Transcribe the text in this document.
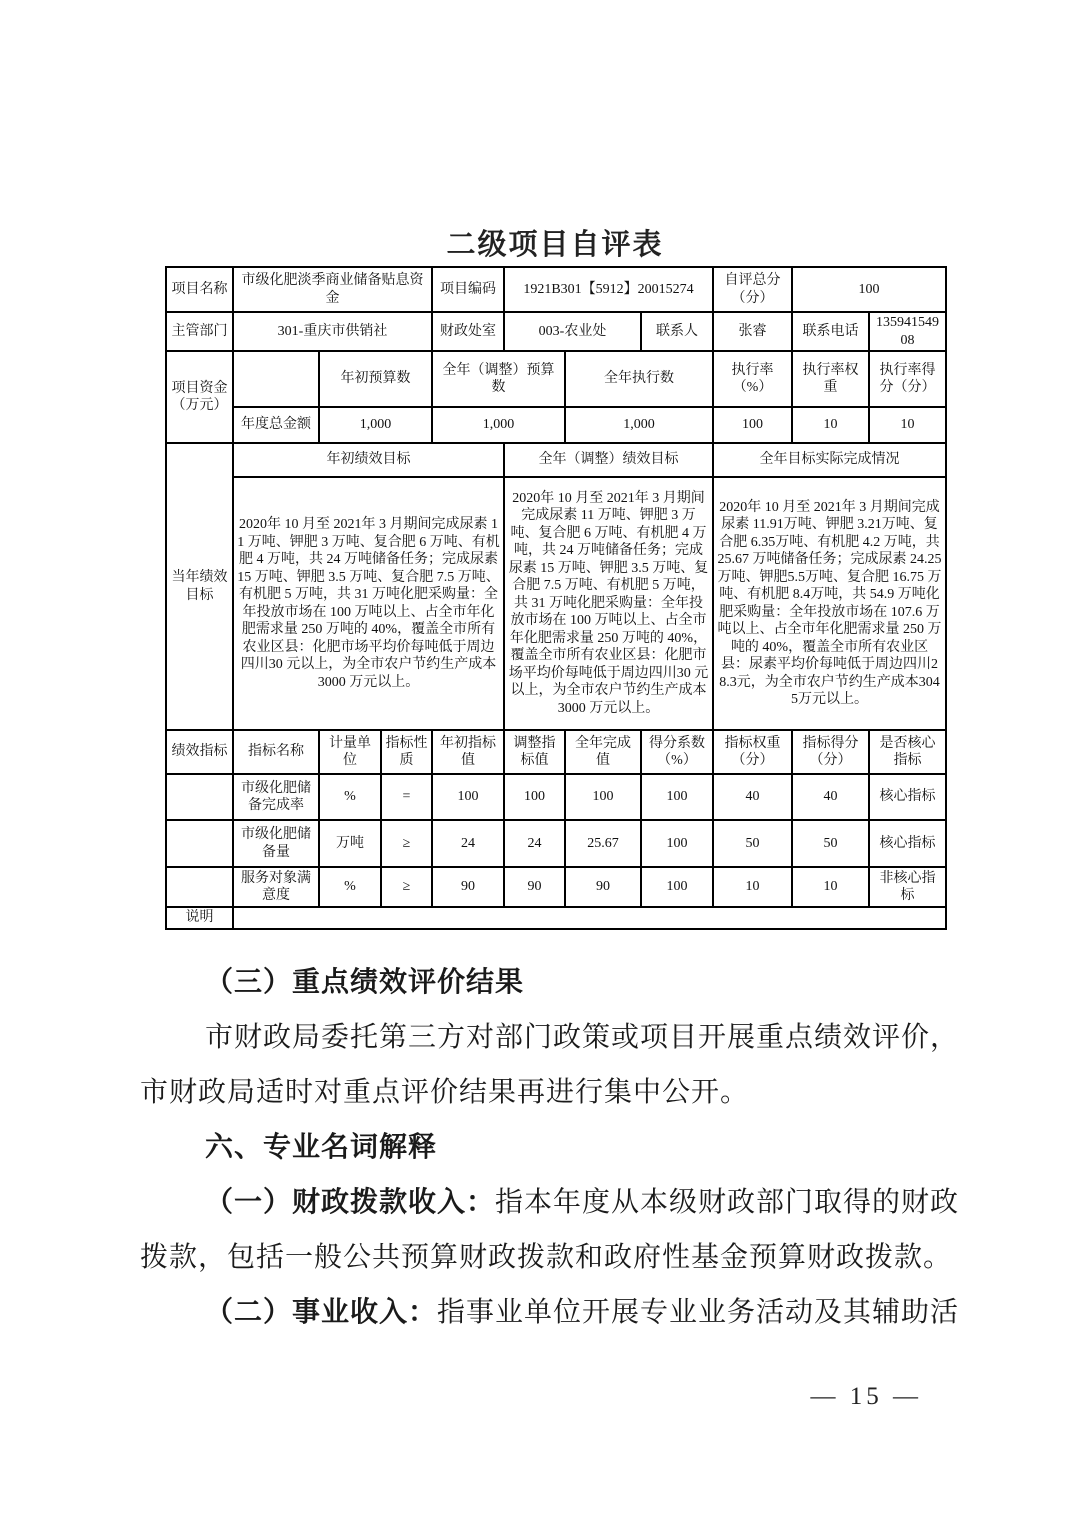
二级项目自评表
项目名称	市级化肥淡季商业储备贴息资金			项目编码	1921B301【5912】20015274			自评总分（分）	100	
主管部门	301-重庆市供销社			财政处室	003-农业处		联系人	张睿	联系电话	13594154908
项目资金（万元）		年初预算数		全年（调整）预算数		全年执行数		执行率（%）	执行率权重	执行率得分（分）
	年度总金额	1,000		1,000		1,000		100	10	10
当年绩效目标	年初绩效目标				全年（调整）绩效目标			全年目标实际完成情况		
2020年 10 月至 2021年 3 月期间完成尿素 11 万吨、钾肥 3 万吨、复合肥 6 万吨、有机肥 4 万吨，共 24 万吨储备任务；完成尿素 15 万吨、钾肥 3.5 万吨、复合肥 7.5 万吨、有机肥 5 万吨，共 31 万吨化肥采购量：全年投放市场在 100 万吨以上、占全市年化肥需求量 250 万吨的 40%，覆盖全市所有农业区县：化肥市场平均价每吨低于周边四川30 元以上，为全市农户节约生产成本 3000 万元以上。	2020年 10 月至 2021年 3 月期间完成尿素 11 万吨、钾肥 3 万吨、复合肥 6 万吨、有机肥 4 万吨，共 24 万吨储备任务；完成尿素 15 万吨、钾肥 3.5 万吨、复合肥 7.5 万吨、有机肥 5 万吨，共 31 万吨化肥采购量：全年投放市场在 100 万吨以上、占全市年化肥需求量 250 万吨的 40%，覆盖全市所有农业区县：化肥市场平均价每吨低于周边四川30 元以上，为全市农户节约生产成本 3000 万元以上。	2020年 10 月至 2021年 3 月期间完成尿素 11.91万吨、钾肥 3.21万吨、复合肥 6.35万吨、有机肥 4.2 万吨，共 25.67 万吨储备任务；完成尿素 24.25万吨、钾肥5.5万吨、复合肥 16.75 万吨、有机肥 8.4万吨，共 54.9 万吨化肥采购量：全年投放市场在 107.6 万吨以上、占全市年化肥需求量 250 万吨的 40%，覆盖全市所有农业区县：尿素平均价每吨低于周边四川28.3元，为全市农户节约生产成本3045万元以上。
绩效指标	指标名称	计量单位	指标性质	年初指标值	调整指标值	全年完成值	得分系数（%）	指标权重（分）	指标得分（分）	是否核心指标
	市级化肥储备完成率	%	=	100	100	100	100	40	40	核心指标
	市级化肥储备量	万吨	≥	24	24	25.67	100	50	50	核心指标
	服务对象满意度	%	≥	90	90	90	100	10	10	非核心指标
说明										
（三）重点绩效评价结果
市财政局委托第三方对部门政策或项目开展重点绩效评价，
市财政局适时对重点评价结果再进行集中公开。
六、专业名词解释
（一）财政拨款收入： 指本年度从本级财政部门取得的财政
拨款，包括一般公共预算财政拨款和政府性基金预算财政拨款。
（二）事业收入： 指事业单位开展专业业务活动及其辅助活
— 15 —
